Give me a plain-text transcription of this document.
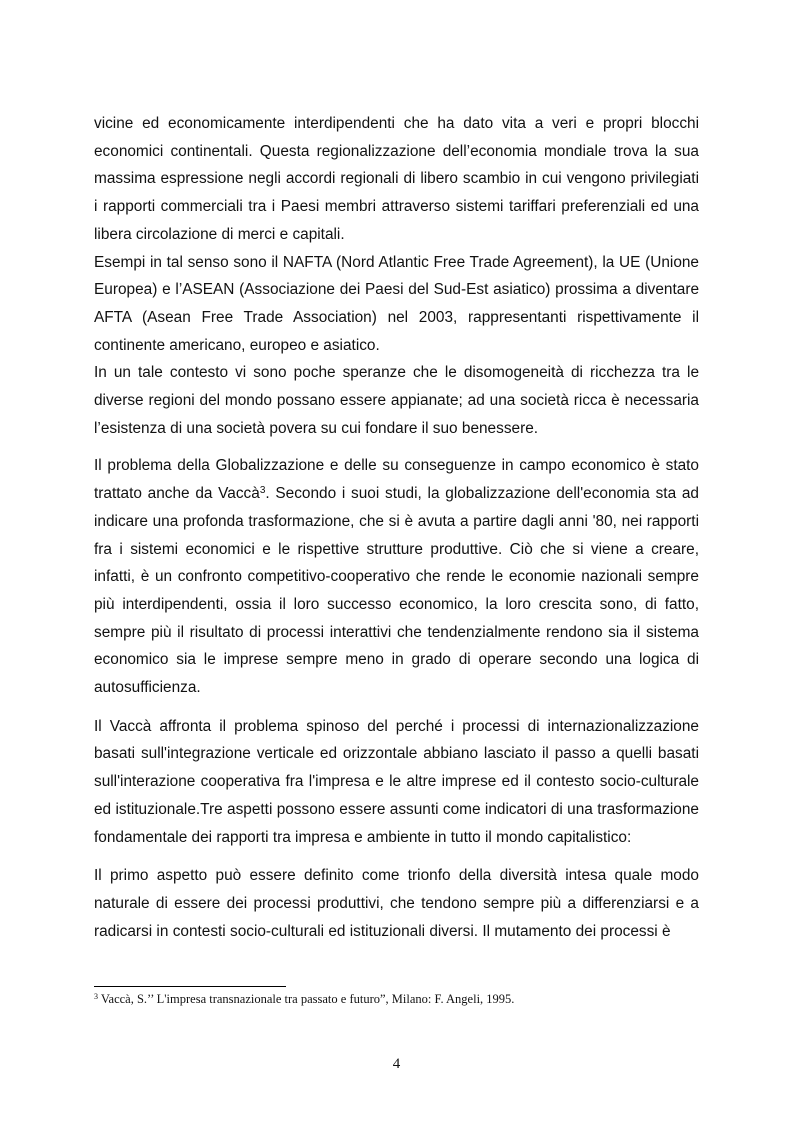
vicine ed economicamente interdipendenti che ha dato vita a veri e propri blocchi economici continentali. Questa regionalizzazione dell’economia mondiale trova la sua massima espressione negli accordi regionali di libero scambio in cui vengono privilegiati i rapporti commerciali tra i Paesi membri attraverso sistemi tariffari preferenziali ed una libera circolazione di merci e capitali.

Esempi in tal senso sono il NAFTA (Nord Atlantic Free Trade Agreement), la UE (Unione Europea) e l’ASEAN (Associazione dei Paesi del Sud-Est asiatico) prossima a diventare AFTA (Asean Free Trade Association) nel 2003, rappresentanti rispettivamente il continente americano, europeo e asiatico.

In un tale contesto vi sono poche speranze che le disomogeneità di ricchezza tra le diverse regioni del mondo possano essere appianate; ad una società ricca è necessaria l’esistenza di una società povera su cui fondare il suo benessere.

Il problema della Globalizzazione e delle su conseguenze in campo economico è stato trattato anche da Vaccà$^3$. Secondo i suoi studi, la globalizzazione dell'economia sta ad indicare una profonda trasformazione, che si è avuta a partire dagli anni '80, nei rapporti fra i sistemi economici e le rispettive strutture produttive. Ciò che si viene a creare, infatti, è un confronto competitivo-cooperativo che rende le economie nazionali sempre più interdipendenti, ossia il loro successo economico, la loro crescita sono, di fatto, sempre più il risultato di processi interattivi che tendenzialmente rendono sia il sistema economico sia le imprese sempre meno in grado di operare secondo una logica di autosufficienza.

Il Vaccà affronta il problema spinoso del perché i processi di internazionalizzazione basati sull'integrazione verticale ed orizzontale abbiano lasciato il passo a quelli basati sull'interazione cooperativa fra l'impresa e le altre imprese ed il contesto socio-culturale ed istituzionale.Tre aspetti possono essere assunti come indicatori di una trasformazione fondamentale dei rapporti tra impresa e ambiente in tutto il mondo capitalistico:

Il primo aspetto può essere definito come trionfo della diversità intesa quale modo naturale di essere dei processi produttivi, che tendono sempre più a differenziarsi e a radicarsi in contesti socio-culturali ed istituzionali diversi. Il mutamento dei processi è

$^3$ Vaccà, S.’’ L'impresa transnazionale tra passato e futuro”, Milano: F. Angeli, 1995.
4
